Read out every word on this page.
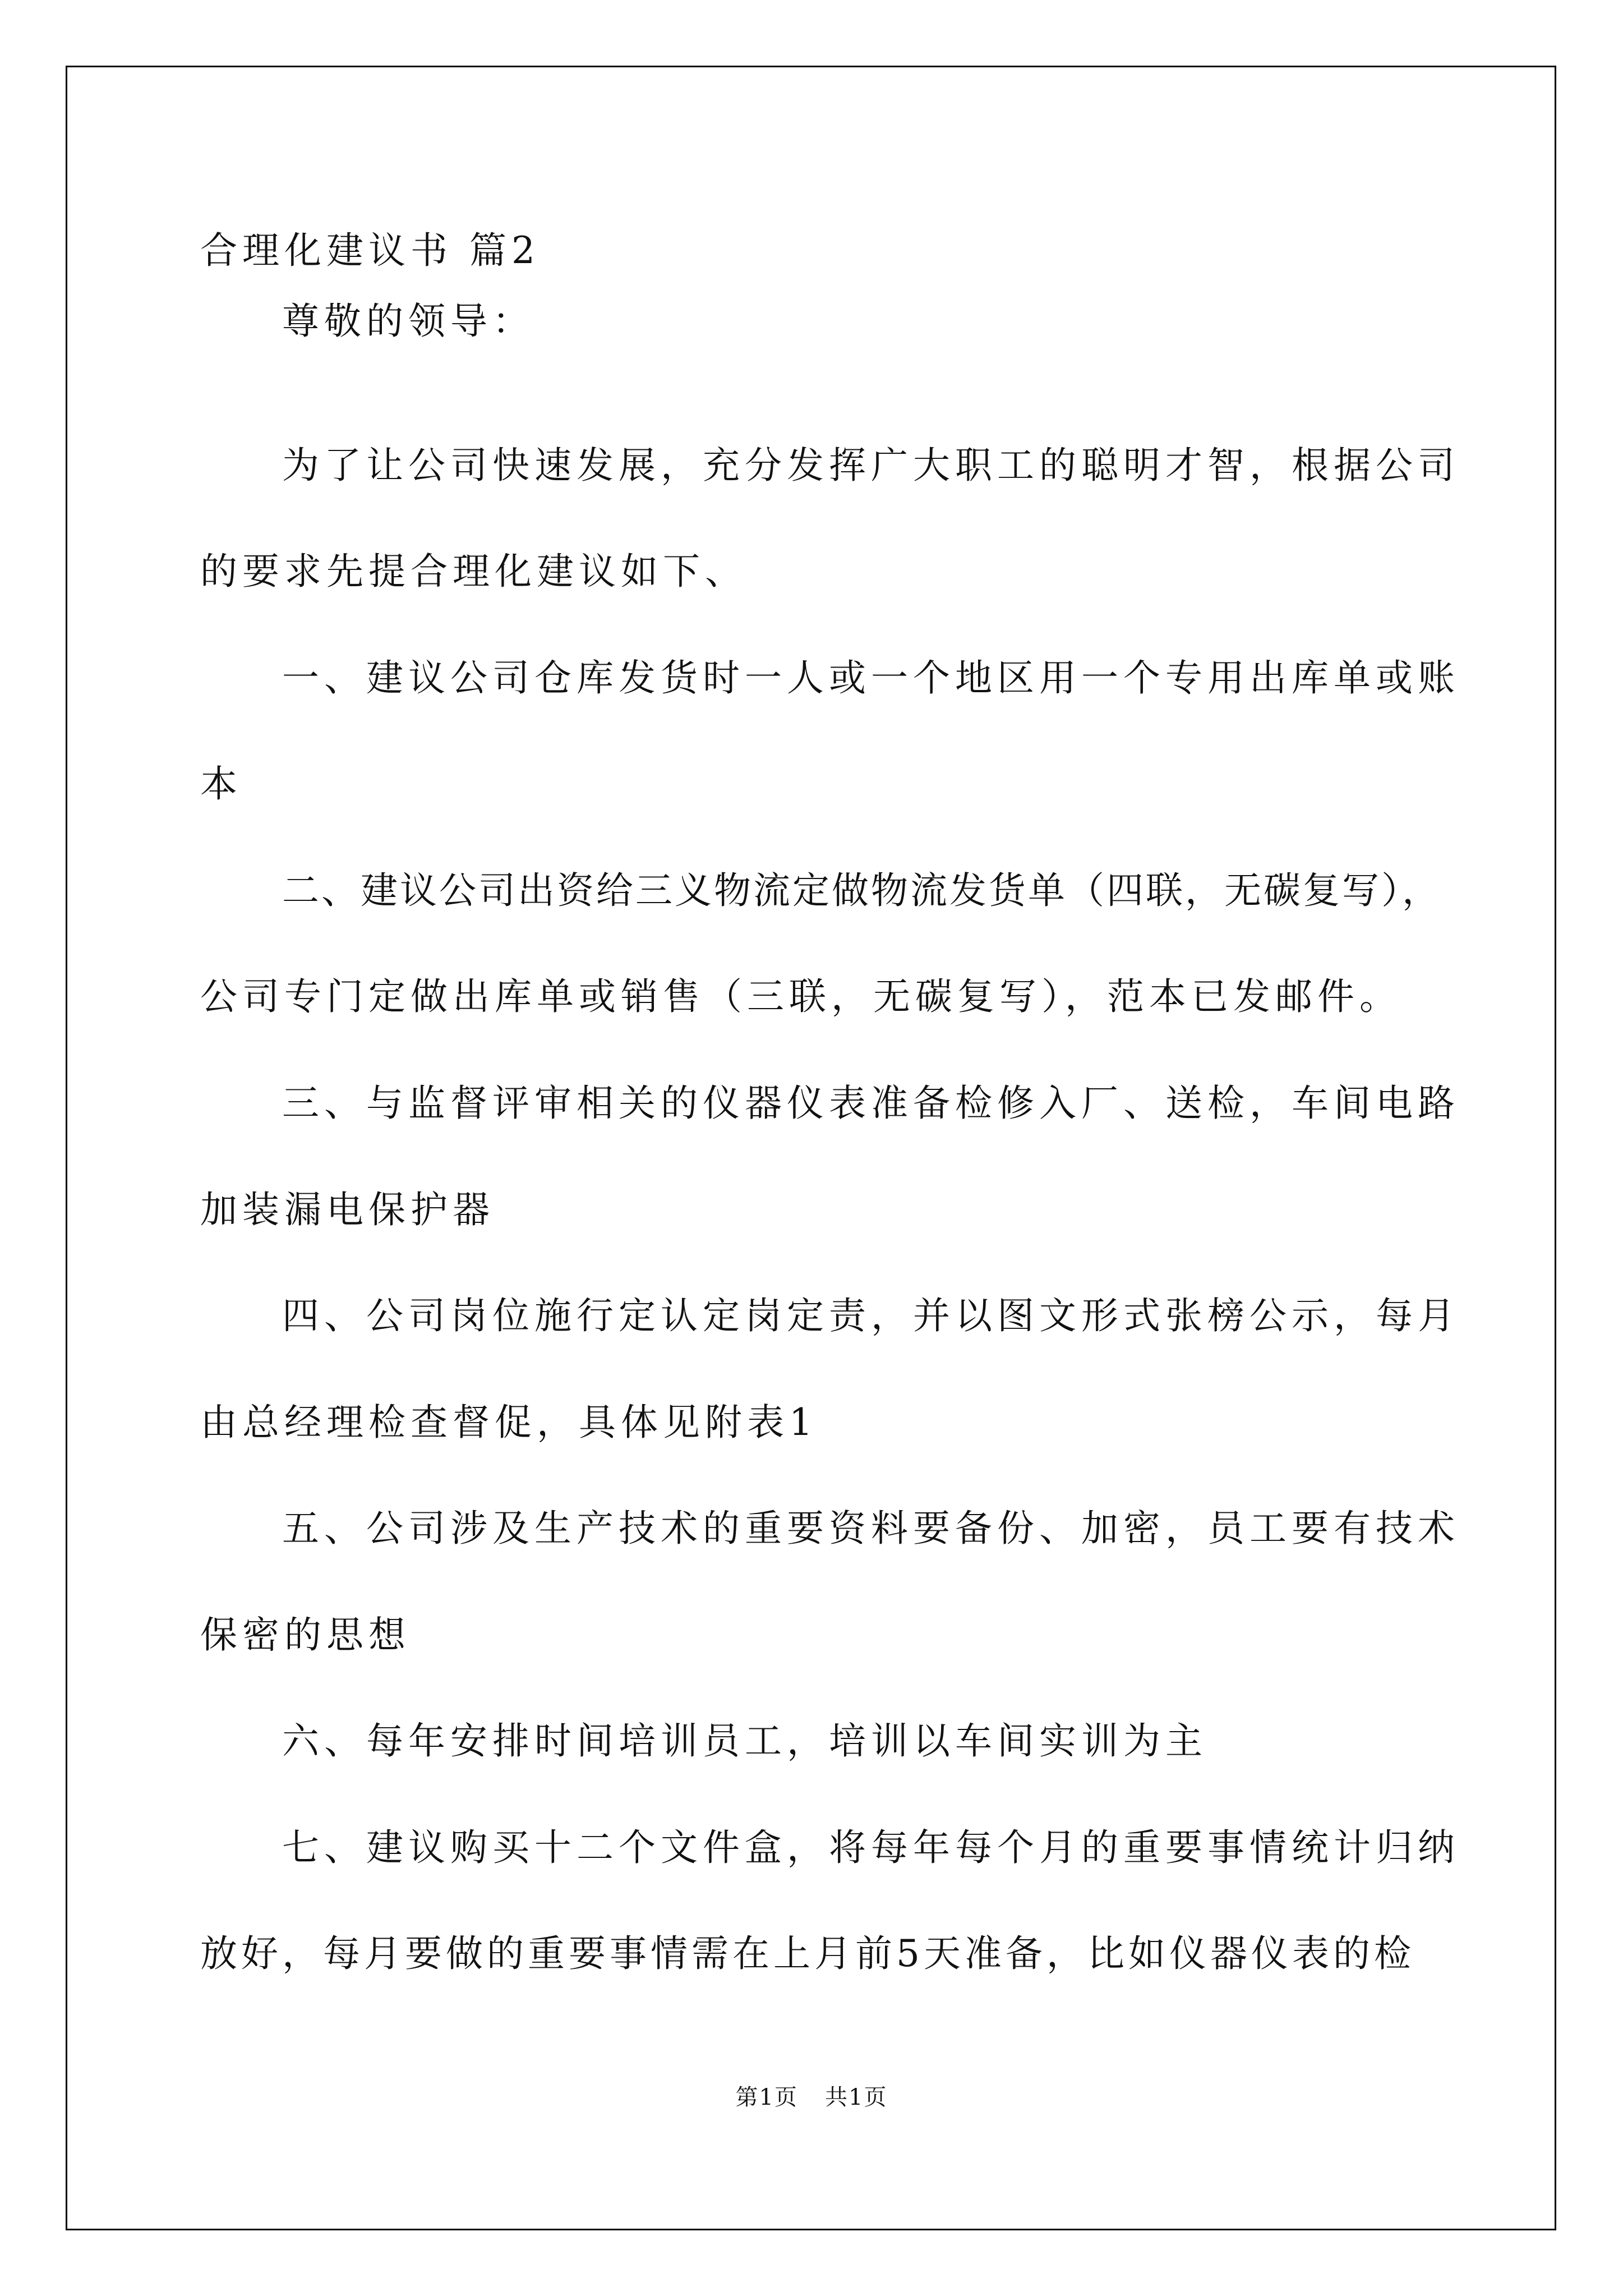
合理化建议书 篇2
尊敬的领导：
为了让公司快速发展，充分发挥广大职工的聪明才智，根据公司
的要求先提合理化建议如下、
一、建议公司仓库发货时一人或一个地区用一个专用出库单或账
本
二、建议公司出资给三义物流定做物流发货单（四联，无碳复写），
公司专门定做出库单或销售（三联，无碳复写），范本已发邮件。
三、与监督评审相关的仪器仪表准备检修入厂、送检，车间电路
加装漏电保护器
四、公司岗位施行定认定岗定责，并以图文形式张榜公示，每月
由总经理检查督促，具体见附表1
五、公司涉及生产技术的重要资料要备份、加密，员工要有技术
保密的思想
六、每年安排时间培训员工，培训以车间实训为主
七、建议购买十二个文件盒，将每年每个月的重要事情统计归纳
放好，每月要做的重要事情需在上月前5天准备，比如仪器仪表的检
第1页 共1页
